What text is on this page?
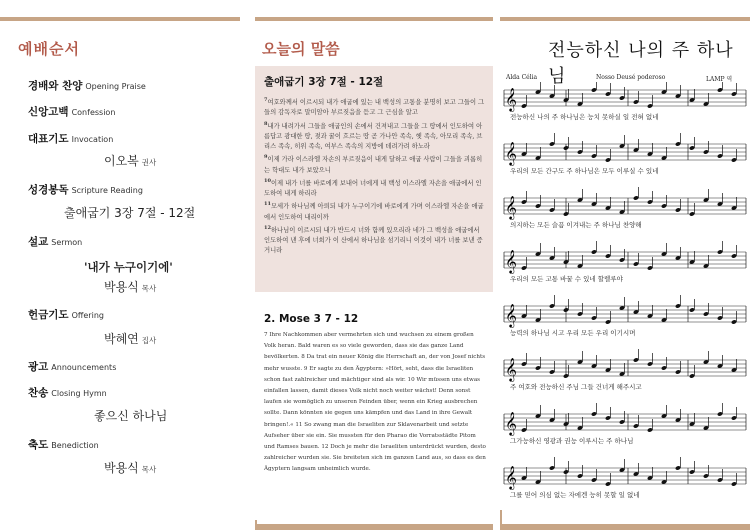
예배순서
경배와 찬양 Opening Praise
신앙고백 Confession
대표기도 Invocation
이오복 권사
성경봉독 Scripture Reading
출애굽기 3장 7절 - 12절
설교 Sermon
'내가 누구이기에'
박용식 목사
헌금기도 Offering
박혜연 집사
광고 Announcements
찬송 Closing Hymn
좋으신 하나님
축도 Benediction
박용식 목사
오늘의 말씀
출애굽기 3장 7절 - 12절

$^7$여호와께서 이르시되 내가 애굽에 있는 내 백성의 고통을 분명히 보고 그들이 그들의 감독자로 말미암아 부르짖음을 듣고 그 근심을 알고

$^8$내가 내려가서 그들을 애굽인의 손에서 건져내고 그들을 그 땅에서 인도하여 아름답고 광대한 땅, 젖과 꿀이 흐르는 땅 곧 가나안 족속, 헷 족속, 아모리 족속, 브리스 족속, 히위 족속, 여부스 족속의 지방에 데려가려 하노라

$^9$이제 가라 이스라엘 자손의 부르짖음이 내게 달하고 애굽 사람이 그들을 괴롭히는 학대도 내가 보았으니

$^{10}$이제 내가 너를 바로에게 보내어 너에게 내 백성 이스라엘 자손을 애굽에서 인도하여 내게 하리라

$^{11}$모세가 하나님께 아뢰되 내가 누구이기에 바로에게 가며 이스라엘 자손을 애굽에서 인도하여 내리이까

$^{12}$하나님이 이르시되 내가 반드시 너와 함께 있으리라 네가 그 백성을 애굽에서 인도하여 낸 후에 너희가 이 산에서 하나님을 섬기리니 이것이 내가 너를 보낸 증거니라

2. Mose 3 7 - 12
7 Ihre Nachkommen aber vermehrten sich und wuchsen zu einem großen Volk heran. Bald waren es so viele geworden, dass sie das ganze Land bevölkerten. 8 Da trat ein neuer König die Herrschaft an, der von Josef nichts mehr wusste. 9 Er sagte zu den Ägyptern: »Hört, seht, dass die Israeliten schon fast zahlreicher und mächtiger sind als wir. 10 Wir müssen uns etwas einfallen lassen, damit dieses Volk nicht noch weiter wächst! Denn sonst laufen sie womöglich zu unseren Feinden über, wenn ein Krieg ausbrechen sollte. Dann könnten sie gegen uns kämpfen und das Land in ihre Gewalt bringen!.« 11 So zwang man die Israeliten zur Sklavenarbeit und setzte Aufseher über sie ein. Sie mussten für den Pharao die Vorratsstädte Pitom und Ramses bauen. 12 Doch je mehr die Israeliten unterdrückt wurden, desto zahlreicher wurden sie. Sie breiteten sich im ganzen Land aus, so dass es den Ägyptern langsam unheimlich wurde.
전능하신 나의 주 하나님
Alda Célia	Nosso Deusé poderoso	LAMP 역
𝄞
𝄞
𝄞
𝄞
𝄞
𝄞
𝄞
𝄞
전능하신 나의 주 하나님은 능치 못하실 일 전혀 없네
우리의 모든 간구도 주 하나님은 모두 이루실 수 있네
의지하는 모든 슬픔 이겨내는 주 하나님 찬양해
우리의 모든 고통 바꿀 수 있네 할렐루야
능력의 하나님 시고 우리 모든 우리 이기시며
주 여호와 전능하신 주님 그들 건너게 해주시고
그가능하신 영광과 권능 이루시는 주 하나님
그를 믿어 의심 없는 자에겐 능히 못할 일 없네
